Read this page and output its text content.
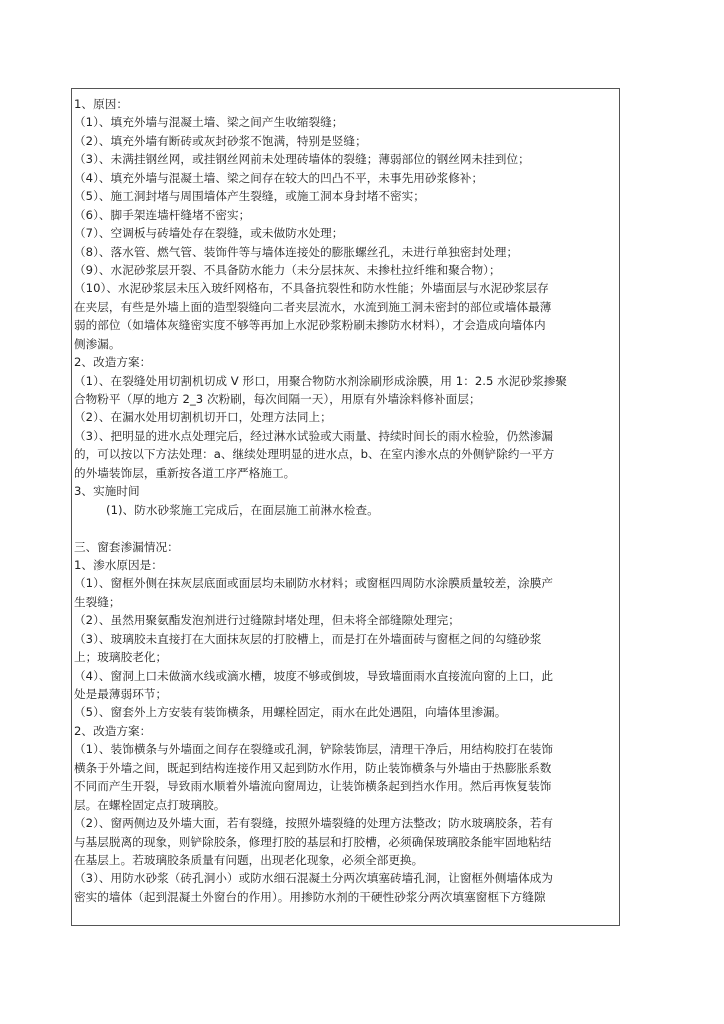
1、原因：
（1）、填充外墙与混凝土墙、梁之间产生收缩裂缝；
（2）、填充外墙有断砖或灰封砂浆不饱满，特别是竖缝；
（3）、未满挂钢丝网，或挂钢丝网前未处理砖墙体的裂缝；薄弱部位的钢丝网未挂到位；
（4）、填充外墙与混凝土墙、梁之间存在较大的凹凸不平，未事先用砂浆修补；
（5）、施工洞封堵与周围墙体产生裂缝，或施工洞本身封堵不密实；
（6）、脚手架连墙杆缝堵不密实；
（7）、空调板与砖墙处存在裂缝，或未做防水处理；
（8）、落水管、燃气管、装饰件等与墙体连接处的膨胀螺丝孔，未进行单独密封处理；
（9）、水泥砂浆层开裂、不具备防水能力（未分层抹灰、未掺杜拉纤维和聚合物）；
（10）、水泥砂浆层未压入玻纤网格布，不具备抗裂性和防水性能；外墙面层与水泥砂浆层存
在夹层，有些是外墙上面的造型裂缝向二者夹层流水，水流到施工洞未密封的部位或墙体最薄
弱的部位（如墙体灰缝密实度不够等再加上水泥砂浆粉刷未掺防水材料），才会造成向墙体内
侧渗漏。
2、改造方案：
（1）、在裂缝处用切割机切成 V 形口，用聚合物防水剂涂刷形成涂膜，用 1：2.5 水泥砂浆掺聚
合物粉平（厚的地方 2_3 次粉刷，每次间隔一天），用原有外墙涂料修补面层；
（2）、在漏水处用切割机切开口，处理方法同上；
（3）、把明显的进水点处理完后，经过淋水试验或大雨量、持续时间长的雨水检验，仍然渗漏
的，可以按以下方法处理：a、继续处理明显的进水点，b、在室内渗水点的外侧铲除约一平方
的外墙装饰层，重新按各道工序严格施工。
3、实施时间
(1)、防水砂浆施工完成后，在面层施工前淋水检查。
三、窗套渗漏情况：
1、渗水原因是：
（1）、窗框外侧在抹灰层底面或面层均未刷防水材料；或窗框四周防水涂膜质量较差，涂膜产
生裂缝；
（2）、虽然用聚氨酯发泡剂进行过缝隙封堵处理，但未将全部缝隙处理完；
（3）、玻璃胶未直接打在大面抹灰层的打胶槽上，而是打在外墙面砖与窗框之间的勾缝砂浆
上；玻璃胶老化；
（4）、窗洞上口未做滴水线或滴水槽，坡度不够或倒坡，导致墙面雨水直接流向窗的上口，此
处是最薄弱环节；
（5）、窗套外上方安装有装饰横条，用螺栓固定，雨水在此处遇阻，向墙体里渗漏。
2、改造方案：
（1）、装饰横条与外墙面之间存在裂缝或孔洞，铲除装饰层，清理干净后，用结构胶打在装饰
横条于外墙之间，既起到结构连接作用又起到防水作用，防止装饰横条与外墙由于热膨胀系数
不同而产生开裂，导致雨水顺着外墙流向窗周边，让装饰横条起到挡水作用。然后再恢复装饰
层。在螺栓固定点打玻璃胶。
（2）、窗两侧边及外墙大面，若有裂缝，按照外墙裂缝的处理方法整改；防水玻璃胶条，若有
与基层脱离的现象，则铲除胶条，修理打胶的基层和打胶槽，必须确保玻璃胶条能牢固地粘结
在基层上。若玻璃胶条质量有问题，出现老化现象，必须全部更换。
（3）、用防水砂浆（砖孔洞小）或防水细石混凝土分两次填塞砖墙孔洞，让窗框外侧墙体成为
密实的墙体（起到混凝土外窗台的作用）。用掺防水剂的干硬性砂浆分两次填塞窗框下方缝隙
